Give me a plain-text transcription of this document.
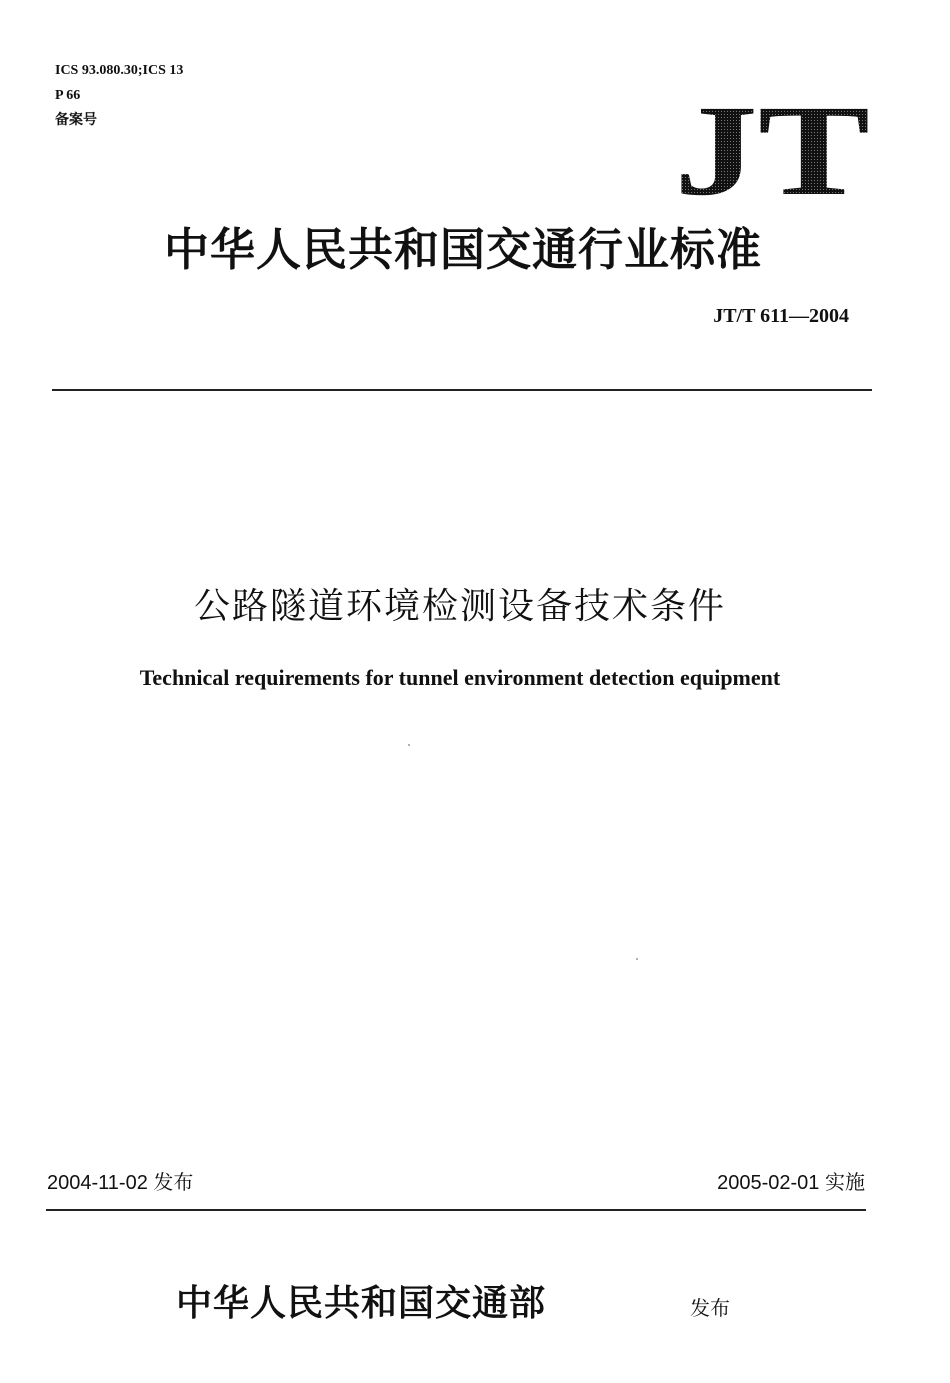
ICS 93.080.30;ICS 13
P 66
备案号	JT
中华人民共和国交通行业标准
JT/T 611—2004
公路隧道环境检测设备技术条件
Technical requirements for tunnel environment detection equipment
2004-11-02 发布	2005-02-01 实施
中华人民共和国交通部	发布
